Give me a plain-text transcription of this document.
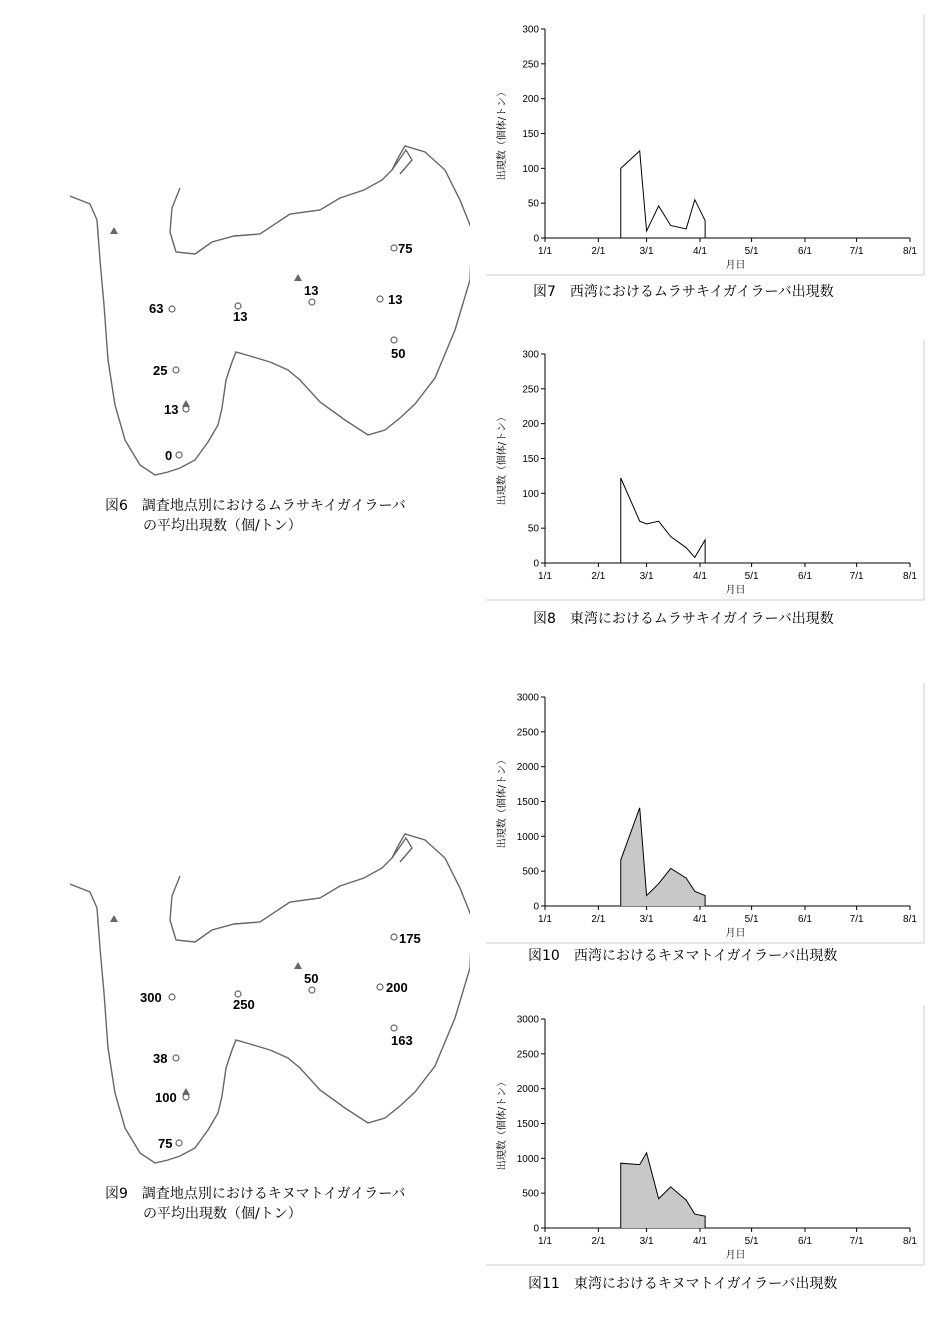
63
13
13
75
13
50
25
13
0
図6　調査地点別におけるムラサキイガイラーバ
の平均出現数（個/トン）
300	250
50
175
200
163
38
100
75
図9　調査地点別におけるキヌマトイガイラーバ
の平均出現数（個/トン）
0
50
100
150
200
250
300
1/1	2/1	3/1	4/1	5/1	6/1	7/1	8/1
月日
出現数（個体/トン）
図7　西湾におけるムラサキイガイラーバ出現数
0
50
100
150
200
250
300
1/1	2/1	3/1	4/1	5/1	6/1	7/1	8/1
月日
出現数（個体/トン）
図8　東湾におけるムラサキイガイラーバ出現数
0
500
1000
1500
2000
2500
3000
1/1	2/1	3/1	4/1	5/1	6/1	7/1	8/1
月日
出現数（個体/トン）
図10　西湾におけるキヌマトイガイラーバ出現数
0
500
1000
1500
2000
2500
3000
1/1	2/1	3/1	4/1	5/1	6/1	7/1	8/1
月日
出現数（個体/トン）
図11　東湾におけるキヌマトイガイラーバ出現数
